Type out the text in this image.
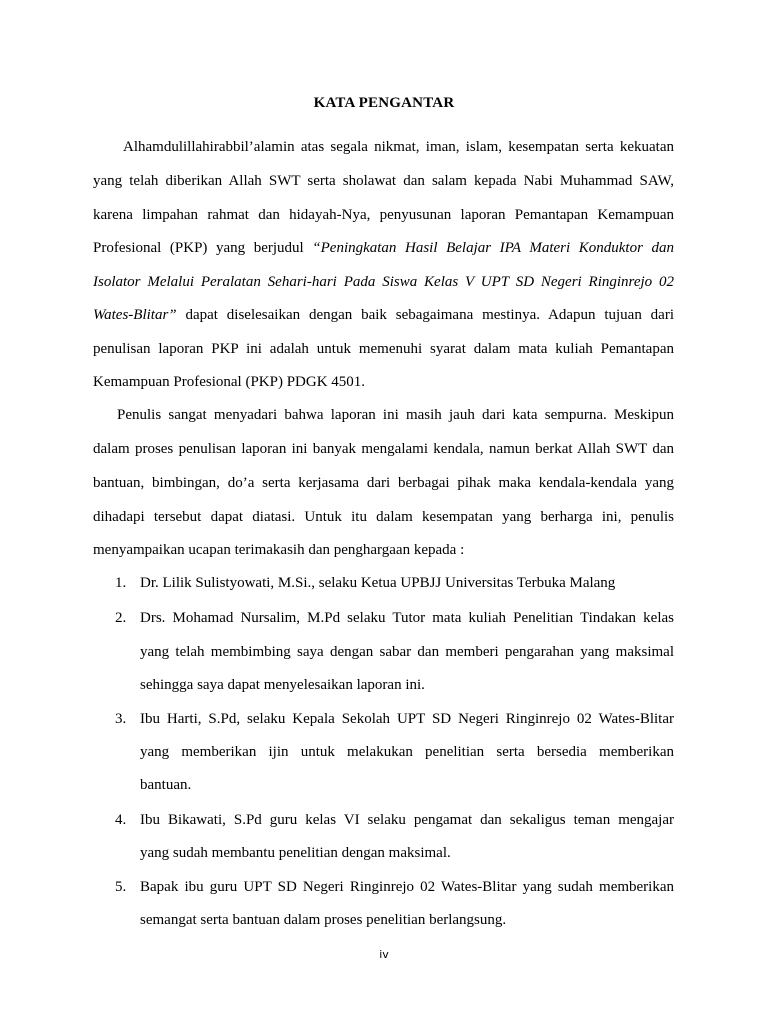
KATA PENGANTAR
Alhamdulillahirabbil’alamin atas segala nikmat, iman, islam, kesempatan serta kekuatan
yang telah diberikan Allah SWT serta sholawat dan salam kepada Nabi Muhammad SAW,
karena limpahan rahmat dan hidayah-Nya, penyusunan laporan Pemantapan Kemampuan
Profesional (PKP) yang berjudul “Peningkatan Hasil Belajar IPA Materi Konduktor dan
Isolator Melalui Peralatan Sehari-hari Pada Siswa Kelas V UPT SD Negeri Ringinrejo 02
Wates-Blitar” dapat diselesaikan dengan baik sebagaimana mestinya. Adapun tujuan dari
penulisan laporan PKP ini adalah untuk memenuhi syarat dalam mata kuliah Pemantapan
Kemampuan Profesional (PKP) PDGK 4501.
Penulis sangat menyadari bahwa laporan ini masih jauh dari kata sempurna. Meskipun
dalam proses penulisan laporan ini banyak mengalami kendala, namun berkat Allah SWT dan
bantuan, bimbingan, do’a serta kerjasama dari berbagai pihak maka kendala-kendala yang
dihadapi tersebut dapat diatasi. Untuk itu dalam kesempatan yang berharga ini, penulis
menyampaikan ucapan terimakasih dan penghargaan kepada :
1. Dr. Lilik Sulistyowati, M.Si., selaku Ketua UPBJJ Universitas Terbuka Malang
2. Drs. Mohamad Nursalim, M.Pd selaku Tutor mata kuliah Penelitian Tindakan kelas
yang telah membimbing saya dengan sabar dan memberi pengarahan yang maksimal
sehingga saya dapat menyelesaikan laporan ini.
3. Ibu Harti, S.Pd, selaku Kepala Sekolah UPT SD Negeri Ringinrejo 02 Wates-Blitar
yang memberikan ijin untuk melakukan penelitian serta bersedia memberikan
bantuan.
4. Ibu Bikawati, S.Pd guru kelas VI selaku pengamat dan sekaligus teman mengajar
yang sudah membantu penelitian dengan maksimal.
5. Bapak ibu guru UPT SD Negeri Ringinrejo 02 Wates-Blitar yang sudah memberikan
semangat serta bantuan dalam proses penelitian berlangsung.
iv
